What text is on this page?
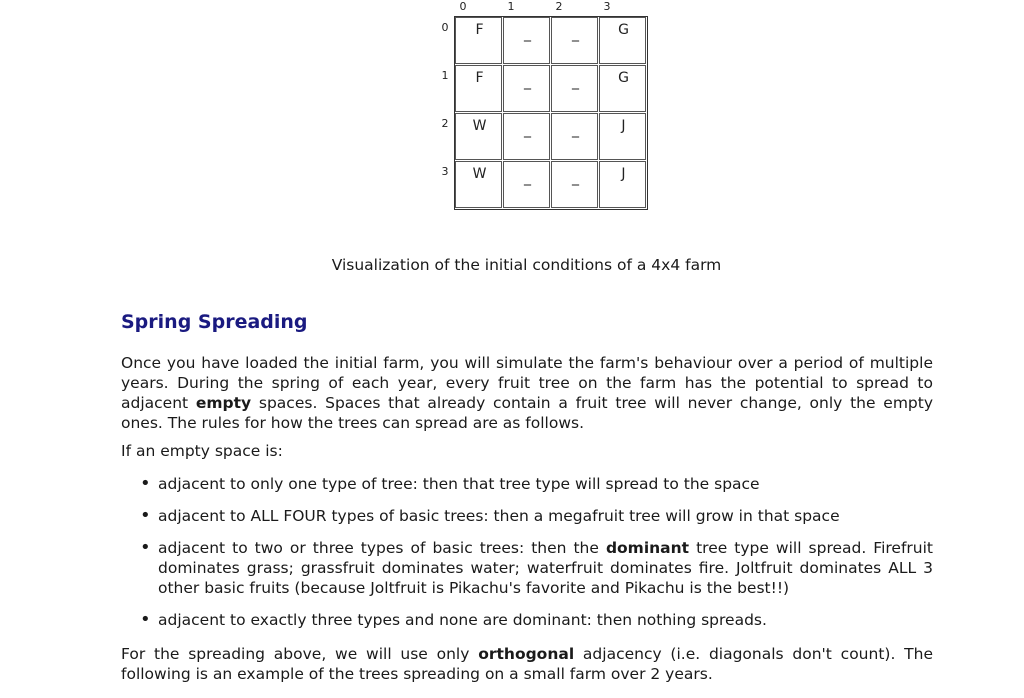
0	1	2	3
0
1
2
3
F	_	_	G
F	_	_	G
W	_	_	J
W	_	_	J
Visualization of the initial conditions of a 4x4 farm
Spring Spreading

Once you have loaded the initial farm, you will simulate the farm's behaviour over a period of multiple years. During the spring of each year, every fruit tree on the farm has the potential to spread to adjacent empty spaces. Spaces that already contain a fruit tree will never change, only the empty ones. The rules for how the trees can spread are as follows.

If an empty space is:

• adjacent to only one type of tree: then that tree type will spread to the space
• adjacent to ALL FOUR types of basic trees: then a megafruit tree will grow in that space
• adjacent to two or three types of basic trees: then the dominant tree type will spread. Firefruit dominates grass; grassfruit dominates water; waterfruit dominates fire. Joltfruit dominates ALL 3 other basic fruits (because Joltfruit is Pikachu's favorite and Pikachu is the best!!)
• adjacent to exactly three types and none are dominant: then nothing spreads.

For the spreading above, we will use only orthogonal adjacency (i.e. diagonals don't count). The following is an example of the trees spreading on a small farm over 2 years.
